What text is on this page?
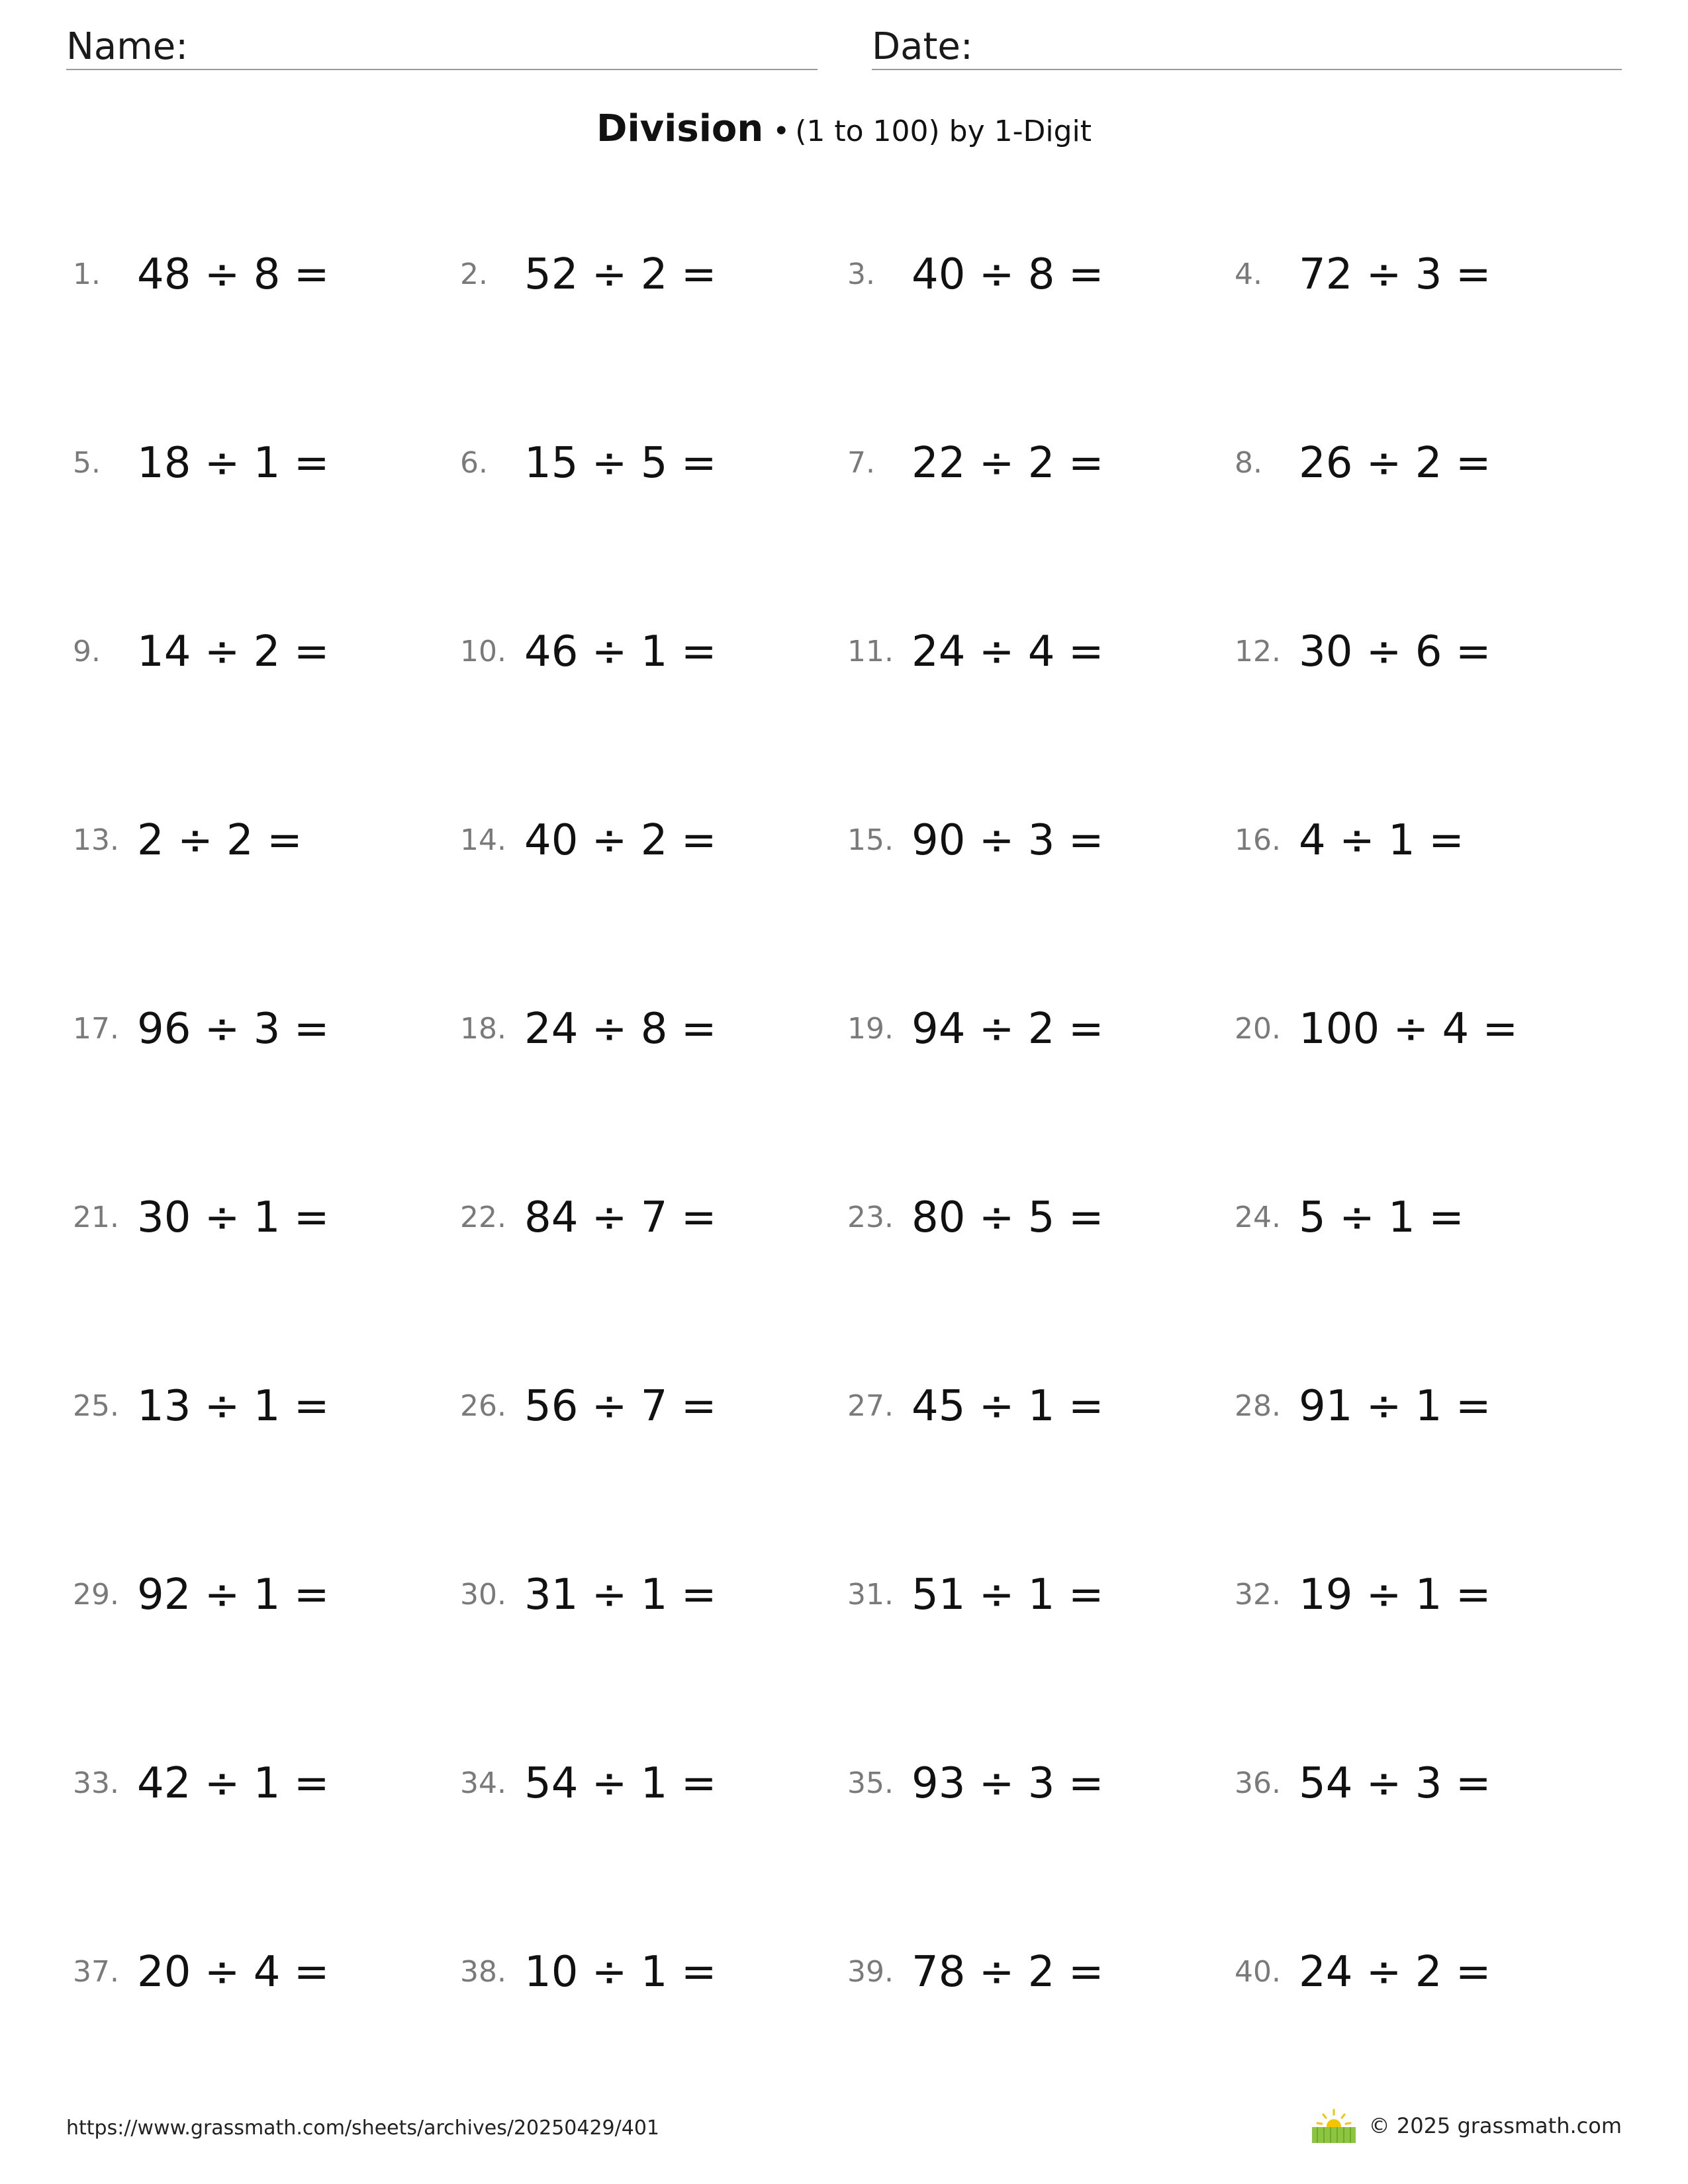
Name:	Date:
Division • (1 to 100) by 1-Digit
1. 48 ÷ 8 =	2. 52 ÷ 2 =	3. 40 ÷ 8 =	4. 72 ÷ 3 =
5. 18 ÷ 1 =	6. 15 ÷ 5 =	7. 22 ÷ 2 =	8. 26 ÷ 2 =
9. 14 ÷ 2 =	10. 46 ÷ 1 =	11. 24 ÷ 4 =	12. 30 ÷ 6 =
13. 2 ÷ 2 =	14. 40 ÷ 2 =	15. 90 ÷ 3 =	16. 4 ÷ 1 =
17. 96 ÷ 3 =	18. 24 ÷ 8 =	19. 94 ÷ 2 =	20. 100 ÷ 4 =
21. 30 ÷ 1 =	22. 84 ÷ 7 =	23. 80 ÷ 5 =	24. 5 ÷ 1 =
25. 13 ÷ 1 =	26. 56 ÷ 7 =	27. 45 ÷ 1 =	28. 91 ÷ 1 =
29. 92 ÷ 1 =	30. 31 ÷ 1 =	31. 51 ÷ 1 =	32. 19 ÷ 1 =
33. 42 ÷ 1 =	34. 54 ÷ 1 =	35. 93 ÷ 3 =	36. 54 ÷ 3 =
37. 20 ÷ 4 =	38. 10 ÷ 1 =	39. 78 ÷ 2 =	40. 24 ÷ 2 =
https://www.grassmath.com/sheets/archives/20250429/401	© 2025 grassmath.com
